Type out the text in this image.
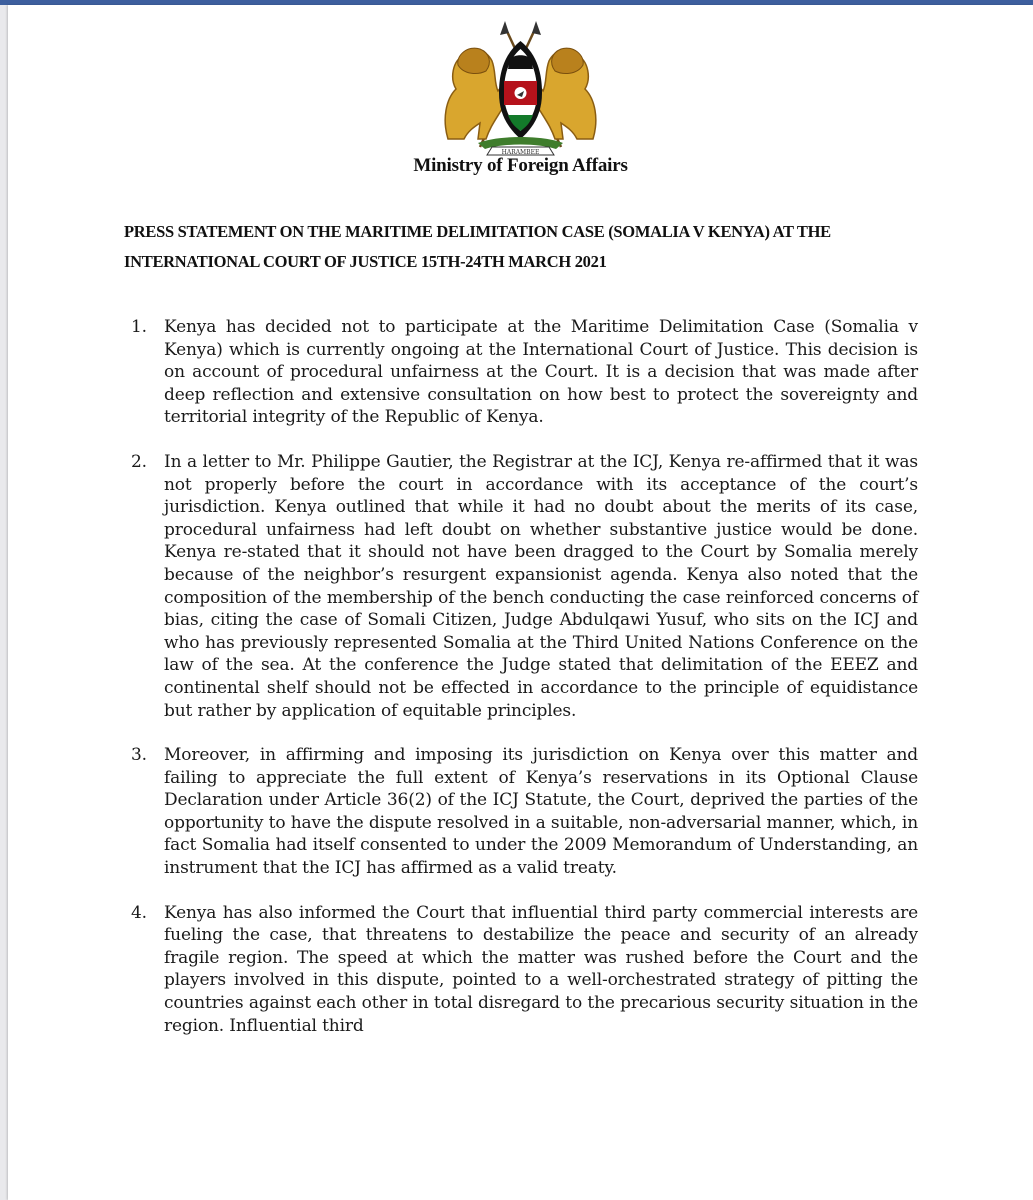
HARAMBEE
Ministry of Foreign Affairs
PRESS STATEMENT ON THE MARITIME DELIMITATION CASE (SOMALIA V KENYA) AT THE
INTERNATIONAL COURT OF JUSTICE 15TH-24TH MARCH 2021
1. Kenya has decided not to participate at the Maritime Delimitation Case (Somalia v Kenya) which is currently ongoing at the International Court of Justice. This decision is on account of procedural unfairness at the Court. It is a decision that was made after deep reflection and extensive consultation on how best to protect the sovereignty and territorial integrity of the Republic of Kenya.
2. In a letter to Mr. Philippe Gautier, the Registrar at the ICJ, Kenya re-affirmed that it was not properly before the court in accordance with its acceptance of the court’s jurisdiction. Kenya outlined that while it had no doubt about the merits of its case, procedural unfairness had left doubt on whether substantive justice would be done. Kenya re-stated that it should not have been dragged to the Court by Somalia merely because of the neighbor’s resurgent expansionist agenda. Kenya also noted that the composition of the membership of the bench conducting the case reinforced concerns of bias, citing the case of Somali Citizen, Judge Abdulqawi Yusuf, who sits on the ICJ and who has previously represented Somalia at the Third United Nations Conference on the law of the sea. At the conference the Judge stated that delimitation of the EEEZ and continental shelf should not be effected in accordance to the principle of equidistance but rather by application of equitable principles.
3. Moreover, in affirming and imposing its jurisdiction on Kenya over this matter and failing to appreciate the full extent of Kenya’s reservations in its Optional Clause Declaration under Article 36(2) of the ICJ Statute, the Court, deprived the parties of the opportunity to have the dispute resolved in a suitable, non-adversarial manner, which, in fact Somalia had itself consented to under the 2009 Memorandum of Understanding, an instrument that the ICJ has affirmed as a valid treaty.
4. Kenya has also informed the Court that influential third party commercial interests are fueling the case, that threatens to destabilize the peace and security of an already fragile region. The speed at which the matter was rushed before the Court and the players involved in this dispute, pointed to a well-orchestrated strategy of pitting the countries against each other in total disregard to the precarious security situation in the region. Influential third
